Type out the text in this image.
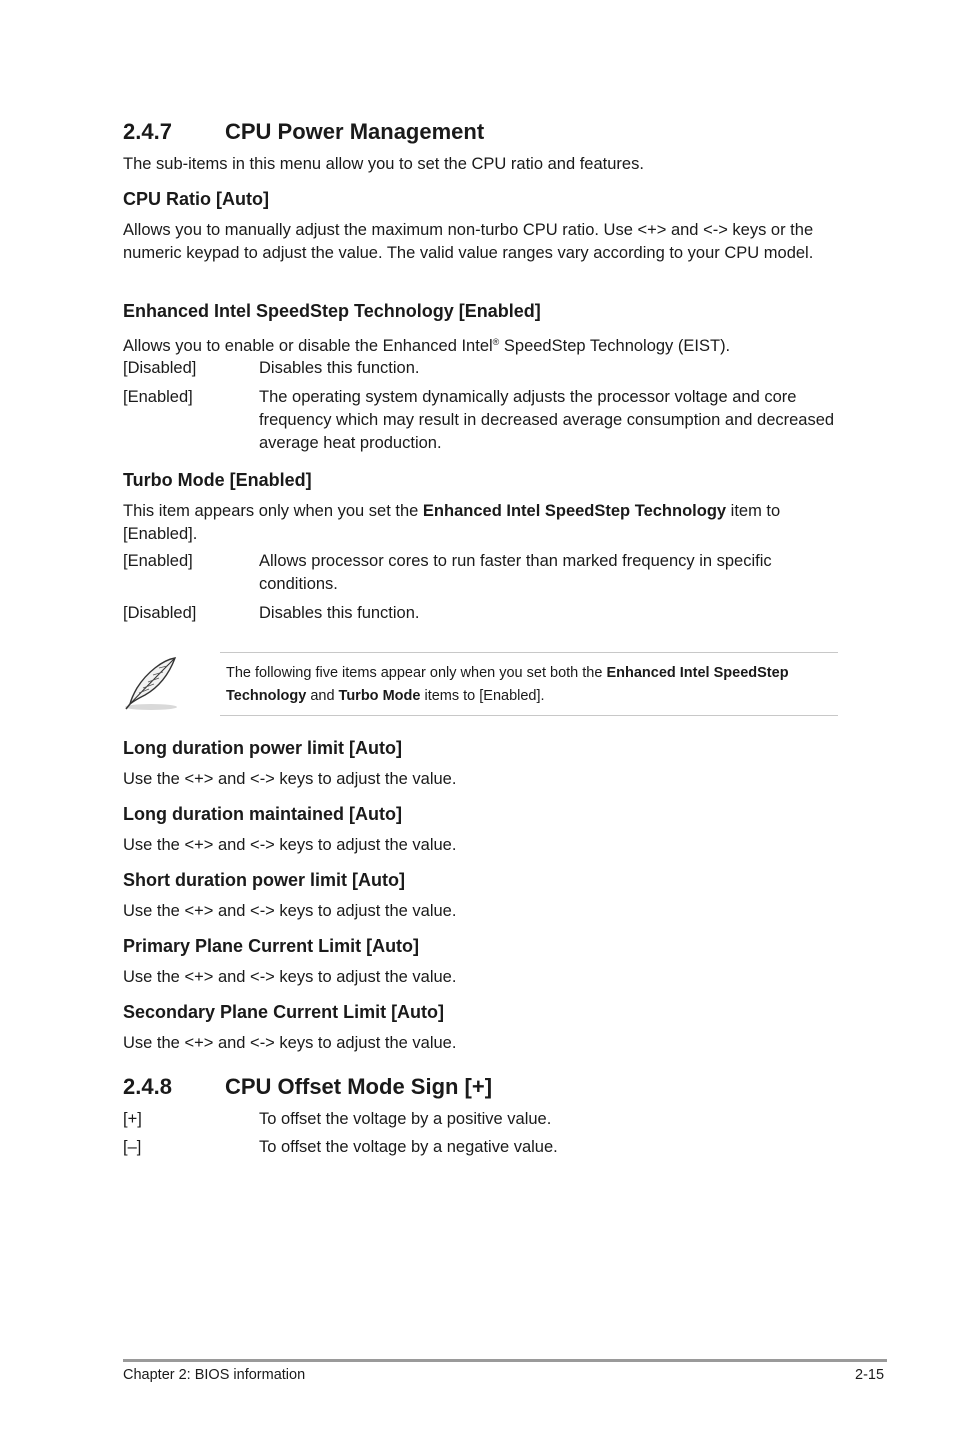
2.4.7	CPU Power Management
The sub-items in this menu allow you to set the CPU ratio and features.
CPU Ratio [Auto]
Allows you to manually adjust the maximum non-turbo CPU ratio. Use <+> and <-> keys or the numeric keypad to adjust the value. The valid value ranges vary according to your CPU model.
Enhanced Intel SpeedStep Technology [Enabled]
Allows you to enable or disable the Enhanced Intel® SpeedStep Technology (EIST).
[Disabled]	Disables this function.
[Enabled]	The operating system dynamically adjusts the processor voltage and core frequency which may result in decreased average consumption and decreased average heat production.
Turbo Mode [Enabled]
This item appears only when you set the Enhanced Intel SpeedStep Technology item to [Enabled].
[Enabled]	Allows processor cores to run faster than marked frequency in specific conditions.
[Disabled]	Disables this function.
The following five items appear only when you set both the Enhanced Intel SpeedStep Technology and Turbo Mode items to [Enabled].
Long duration power limit [Auto]
Use the <+> and <-> keys to adjust the value.
Long duration maintained [Auto]
Use the <+> and <-> keys to adjust the value.
Short duration power limit [Auto]
Use the <+> and <-> keys to adjust the value.
Primary Plane Current Limit [Auto]
Use the <+> and <-> keys to adjust the value.
Secondary Plane Current Limit [Auto]
Use the <+> and <-> keys to adjust the value.
2.4.8	CPU Offset Mode Sign [+]
[+]	To offset the voltage by a positive value.
[–]	To offset the voltage by a negative value.
Chapter 2: BIOS information	2-15
